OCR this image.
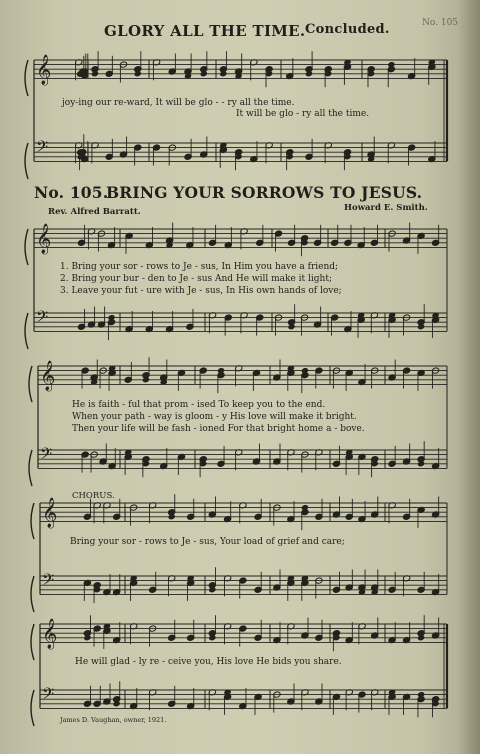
No. 105
GLORY ALL THE TIME. Concluded.
𝄞
𝄢
𝄞
𝄢
𝄞
𝄢
𝄞
𝄢
𝄞
𝄢
joy-ing our re-ward, It will be glo - - ry all the time.
It will be glo - ry all the time.
No. 105.
BRING YOUR SORROWS TO JESUS.
Rev. Alfred Barratt.	Howard E. Smith.
1. Bring your sor - rows to Je - sus, In Him you have a friend;
2. Bring your bur - den to Je - sus And He will make it light;
3. Leave your fut - ure with Je - sus, In His own hands of love;
He is faith - ful that prom - ised To keep you to the end.
When your path - way is gloom - y His love will make it bright.
Then your life will be fash - ioned For that bright home a - bove.
CHORUS.
Bring your sor - rows to Je - sus, Your load of grief and care;
He will glad - ly re - ceive you, His love He bids you share.
James D. Vaughan, owner, 1921.
